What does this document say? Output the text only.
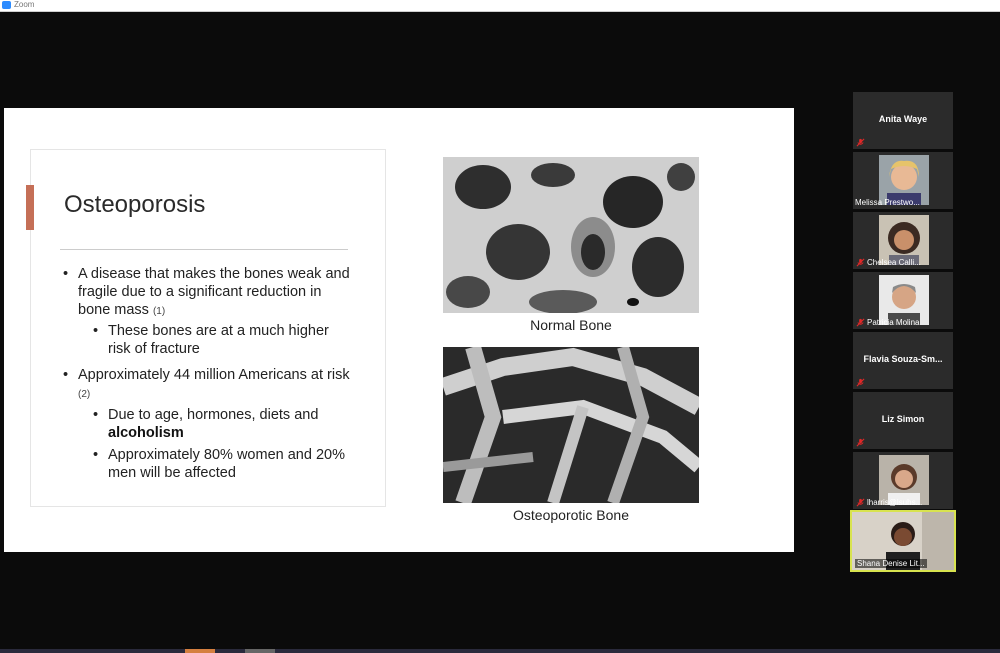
Zoom
Osteoporosis
• A disease that makes the bones weak and fragile due to a significant reduction in bone mass (1)
• These bones are at a much higher risk of fracture
• Approximately 44 million Americans at risk (2)
• Due to age, hormones, diets and alcoholism
• Approximately 80% women and 20% men will be affected
Normal Bone
Osteoporotic Bone
Anita Waye
Melissa Prestwo...
Chelsea Calli...
Patricia Molina
Flavia Souza-Sm...
Liz Simon
lharris@lsuhs...
Shana Denise Lit...
